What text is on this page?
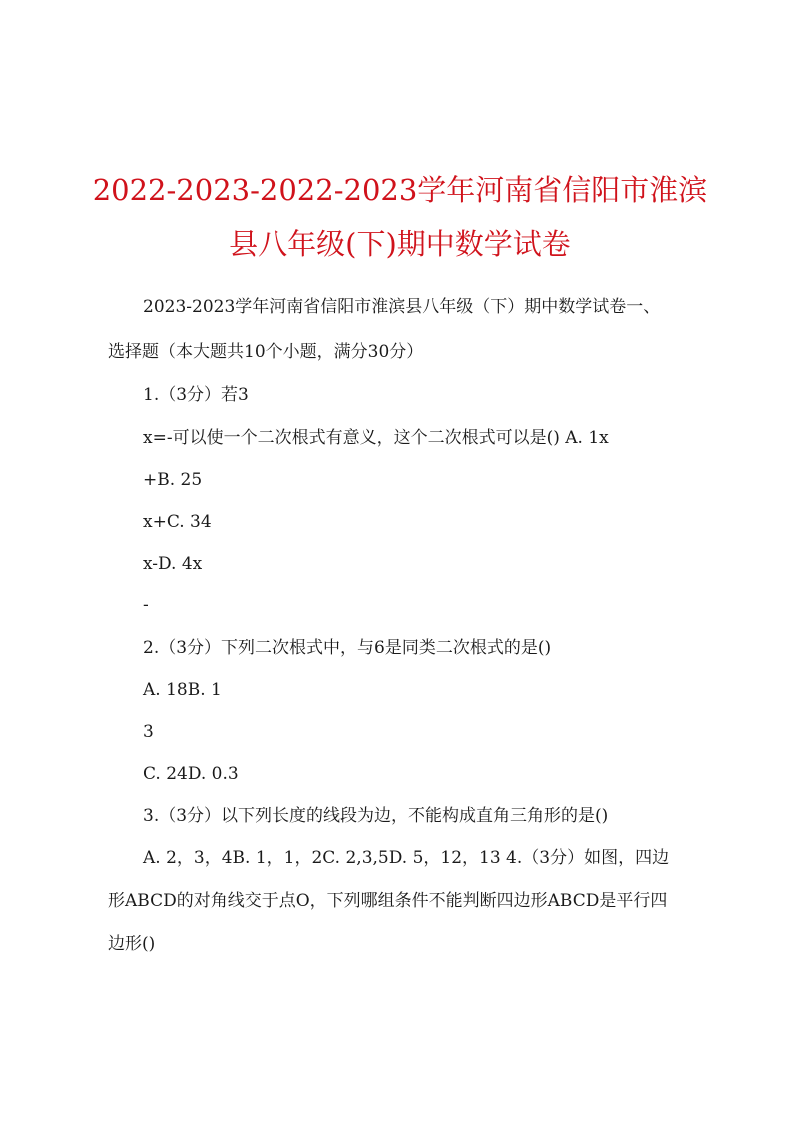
2022-2023-2022-2023学年河南省信阳市淮滨
县八年级(下)期中数学试卷

2023-2023学年河南省信阳市淮滨县八年级（下）期中数学试卷一、

选择题（本大题共10个小题，满分30分）

1.（3分）若3

x=-可以使一个二次根式有意义，这个二次根式可以是() A. 1x

+B. 25

x+C. 34

x-D. 4x

-

2.（3分）下列二次根式中，与6是同类二次根式的是()

A. 18B. 1

3

C. 24D. 0.3

3.（3分）以下列长度的线段为边，不能构成直角三角形的是()

A. 2，3，4B. 1，1，2C. 2,3,5D. 5，12，13 4.（3分）如图，四边

形ABCD的对角线交于点O，下列哪组条件不能判断四边形ABCD是平行四

边形()
